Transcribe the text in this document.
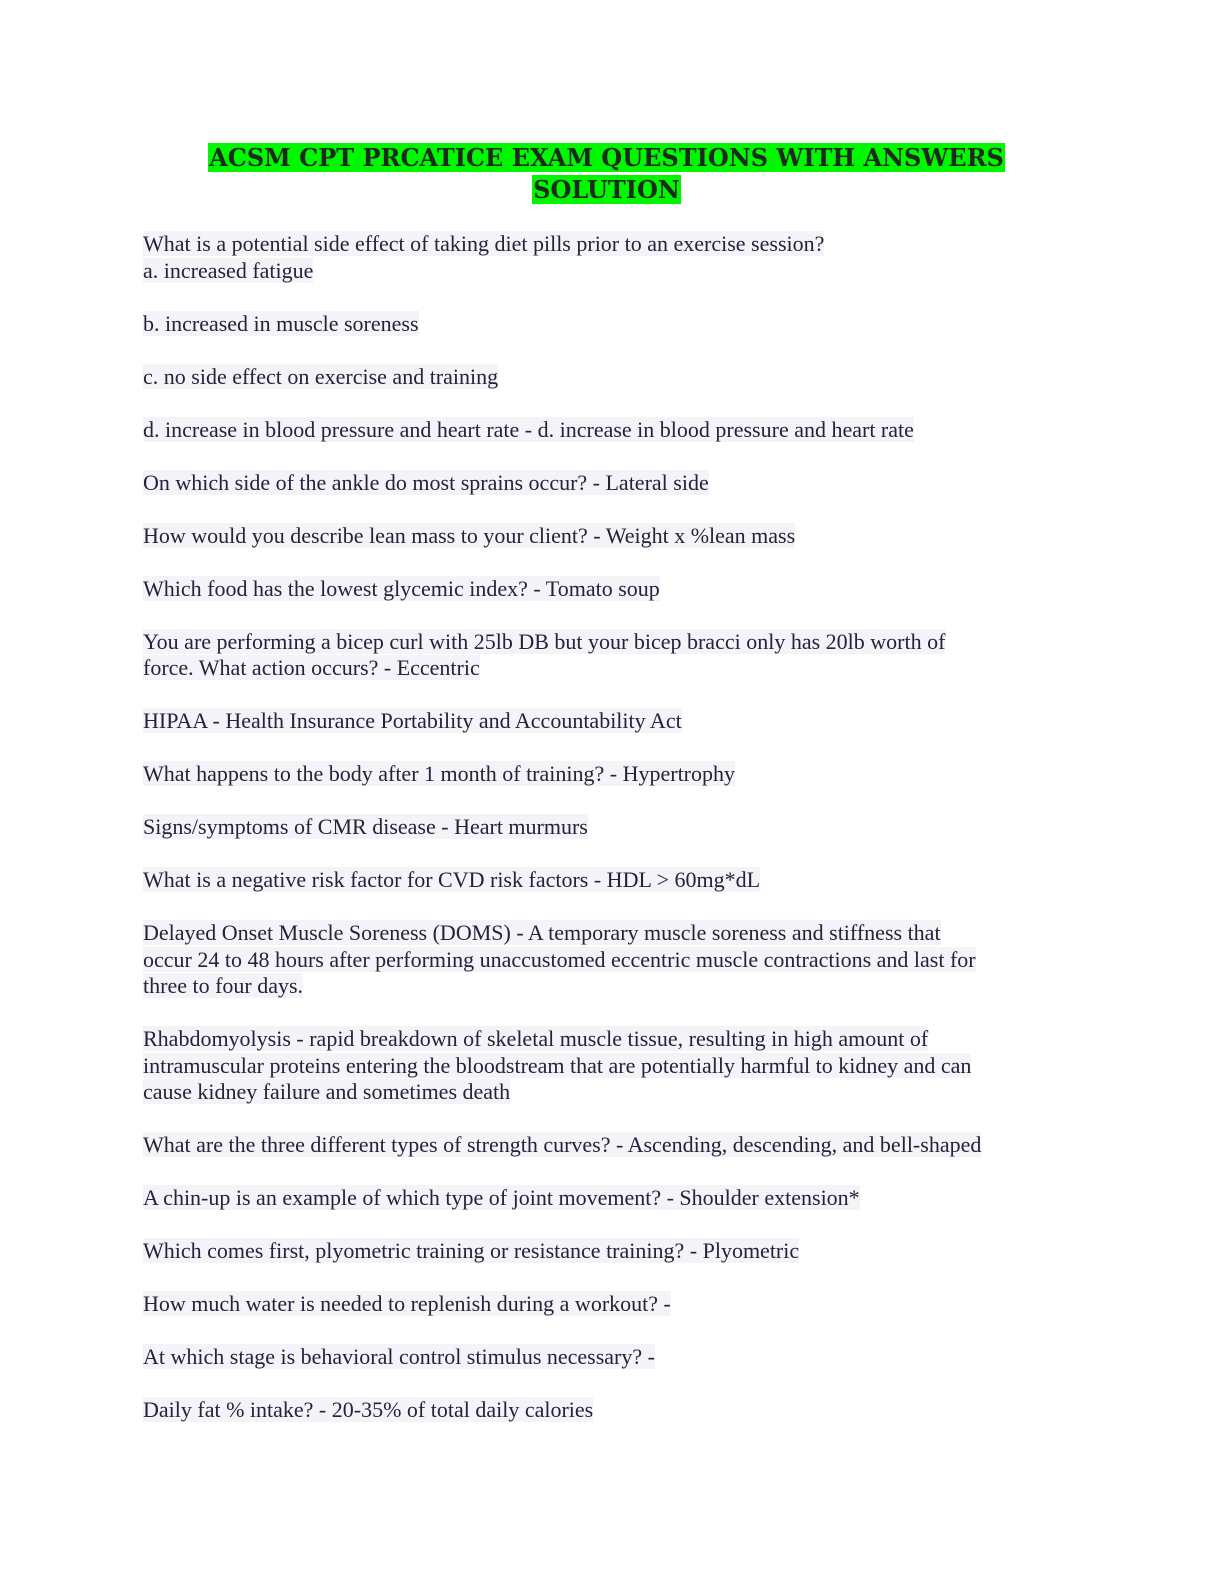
ACSM CPT PRCATICE EXAM QUESTIONS WITH ANSWERS
SOLUTION
What is a potential side effect of taking diet pills prior to an exercise session?
a. increased fatigue
b. increased in muscle soreness
c. no side effect on exercise and training
d. increase in blood pressure and heart rate - d. increase in blood pressure and heart rate
On which side of the ankle do most sprains occur? - Lateral side
How would you describe lean mass to your client? - Weight x %lean mass
Which food has the lowest glycemic index? - Tomato soup
You are performing a bicep curl with 25lb DB but your bicep bracci only has 20lb worth of
force. What action occurs? - Eccentric
HIPAA - Health Insurance Portability and Accountability Act
What happens to the body after 1 month of training? - Hypertrophy
Signs/symptoms of CMR disease - Heart murmurs
What is a negative risk factor for CVD risk factors - HDL > 60mg*dL
Delayed Onset Muscle Soreness (DOMS) - A temporary muscle soreness and stiffness that
occur 24 to 48 hours after performing unaccustomed eccentric muscle contractions and last for
three to four days.
Rhabdomyolysis - rapid breakdown of skeletal muscle tissue, resulting in high amount of
intramuscular proteins entering the bloodstream that are potentially harmful to kidney and can
cause kidney failure and sometimes death
What are the three different types of strength curves? - Ascending, descending, and bell-shaped
A chin-up is an example of which type of joint movement? - Shoulder extension*
Which comes first, plyometric training or resistance training? - Plyometric
How much water is needed to replenish during a workout? -
At which stage is behavioral control stimulus necessary? -
Daily fat % intake? - 20-35% of total daily calories
